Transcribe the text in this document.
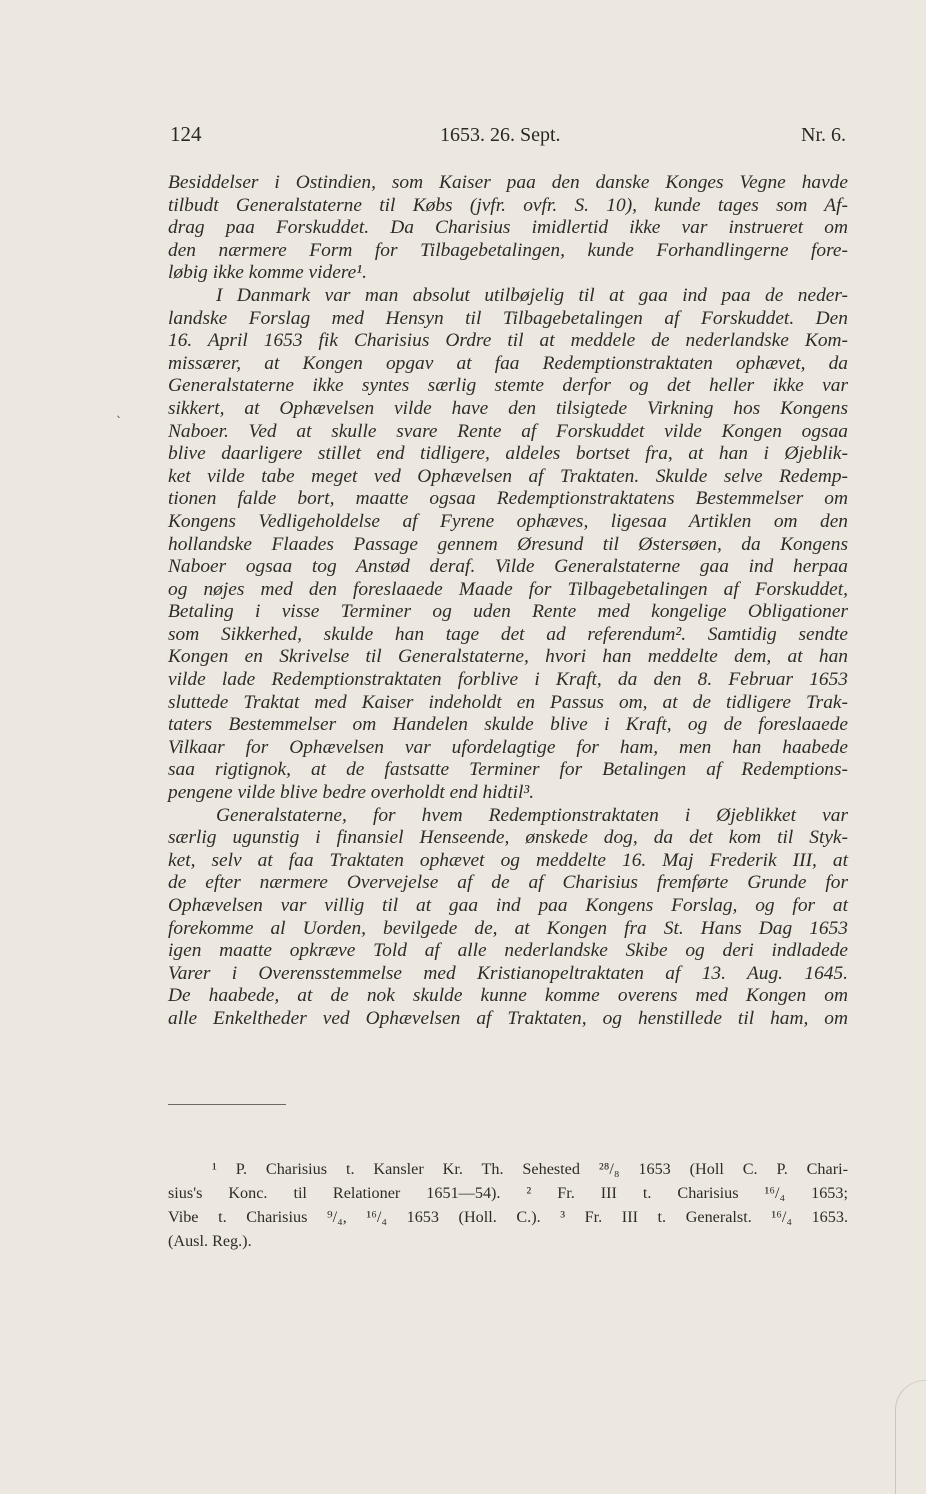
124	1653. 26. Sept.	Nr. 6.
ˎ
Besiddelser i Ostindien, som Kaiser paa den danske Konges Vegne havde
tilbudt Generalstaterne til Købs (jvfr. ovfr. S. 10), kunde tages som Af-
drag paa Forskuddet. Da Charisius imidlertid ikke var instrueret om
den nærmere Form for Tilbagebetalingen, kunde Forhandlingerne fore-
løbig ikke komme videre¹.
I Danmark var man absolut utilbøjelig til at gaa ind paa de neder-
landske Forslag med Hensyn til Tilbagebetalingen af Forskuddet. Den
16. April 1653 fik Charisius Ordre til at meddele de nederlandske Kom-
missærer, at Kongen opgav at faa Redemptionstraktaten ophævet, da
Generalstaterne ikke syntes særlig stemte derfor og det heller ikke var
sikkert, at Ophævelsen vilde have den tilsigtede Virkning hos Kongens
Naboer. Ved at skulle svare Rente af Forskuddet vilde Kongen ogsaa
blive daarligere stillet end tidligere, aldeles bortset fra, at han i Øjeblik-
ket vilde tabe meget ved Ophævelsen af Traktaten. Skulde selve Redemp-
tionen falde bort, maatte ogsaa Redemptionstraktatens Bestemmelser om
Kongens Vedligeholdelse af Fyrene ophæves, ligesaa Artiklen om den
hollandske Flaades Passage gennem Øresund til Østersøen, da Kongens
Naboer ogsaa tog Anstød deraf. Vilde Generalstaterne gaa ind herpaa
og nøjes med den foreslaaede Maade for Tilbagebetalingen af Forskuddet,
Betaling i visse Terminer og uden Rente med kongelige Obligationer
som Sikkerhed, skulde han tage det ad referendum². Samtidig sendte
Kongen en Skrivelse til Generalstaterne, hvori han meddelte dem, at han
vilde lade Redemptionstraktaten forblive i Kraft, da den 8. Februar 1653
sluttede Traktat med Kaiser indeholdt en Passus om, at de tidligere Trak-
taters Bestemmelser om Handelen skulde blive i Kraft, og de foreslaaede
Vilkaar for Ophævelsen var ufordelagtige for ham, men han haabede
saa rigtignok, at de fastsatte Terminer for Betalingen af Redemptions-
pengene vilde blive bedre overholdt end hidtil³.
Generalstaterne, for hvem Redemptionstraktaten i Øjeblikket var
særlig ugunstig i finansiel Henseende, ønskede dog, da det kom til Styk-
ket, selv at faa Traktaten ophævet og meddelte 16. Maj Frederik III, at
de efter nærmere Overvejelse af de af Charisius fremførte Grunde for
Ophævelsen var villig til at gaa ind paa Kongens Forslag, og for at
forekomme al Uorden, bevilgede de, at Kongen fra St. Hans Dag 1653
igen maatte opkræve Told af alle nederlandske Skibe og deri indladede
Varer i Overensstemmelse med Kristianopeltraktaten af 13. Aug. 1645.
De haabede, at de nok skulde kunne komme overens med Kongen om
alle Enkeltheder ved Ophævelsen af Traktaten, og henstillede til ham, om
¹ P. Charisius t. Kansler Kr. Th. Sehested ²⁸/₈ 1653 (Holl C. P. Chari-
sius's Konc. til Relationer 1651—54). ² Fr. III t. Charisius ¹⁶/₄ 1653;
Vibe t. Charisius ⁹/₄, ¹⁶/₄ 1653 (Holl. C.). ³ Fr. III t. Generalst. ¹⁶/₄ 1653.
(Ausl. Reg.).
